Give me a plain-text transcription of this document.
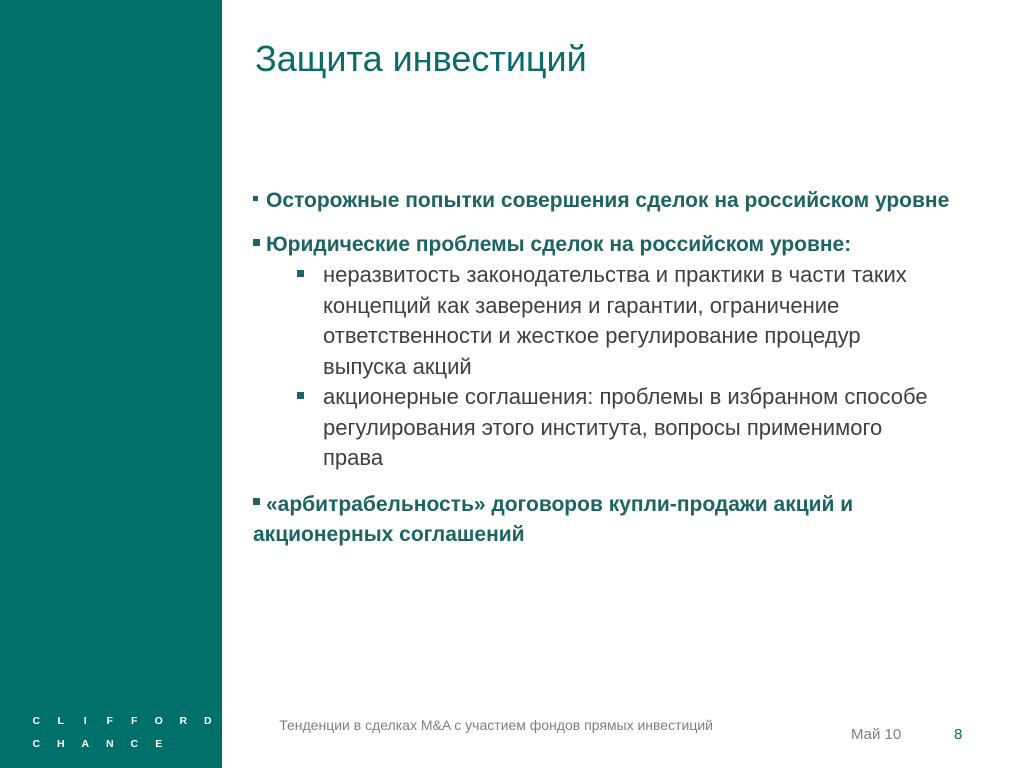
C	L	I	F	F	O	R	D
C	H	A	N	C	E
Защита инвестиций

Осторожные попытки совершения сделок на российском уровне

Юридические проблемы сделок на российском уровне:

неразвитость законодательства и практики в части таких концепций как заверения и гарантии, ограничение ответственности и жесткое регулирование процедур выпуска акций
акционерные соглашения: проблемы в избранном способе регулирования этого института, вопросы применимого права

«арбитрабельность» договоров купли-продажи акций и акционерных соглашений

Тенденции в сделках M&A с участием фондов прямых инвестиций
Май 10	8
